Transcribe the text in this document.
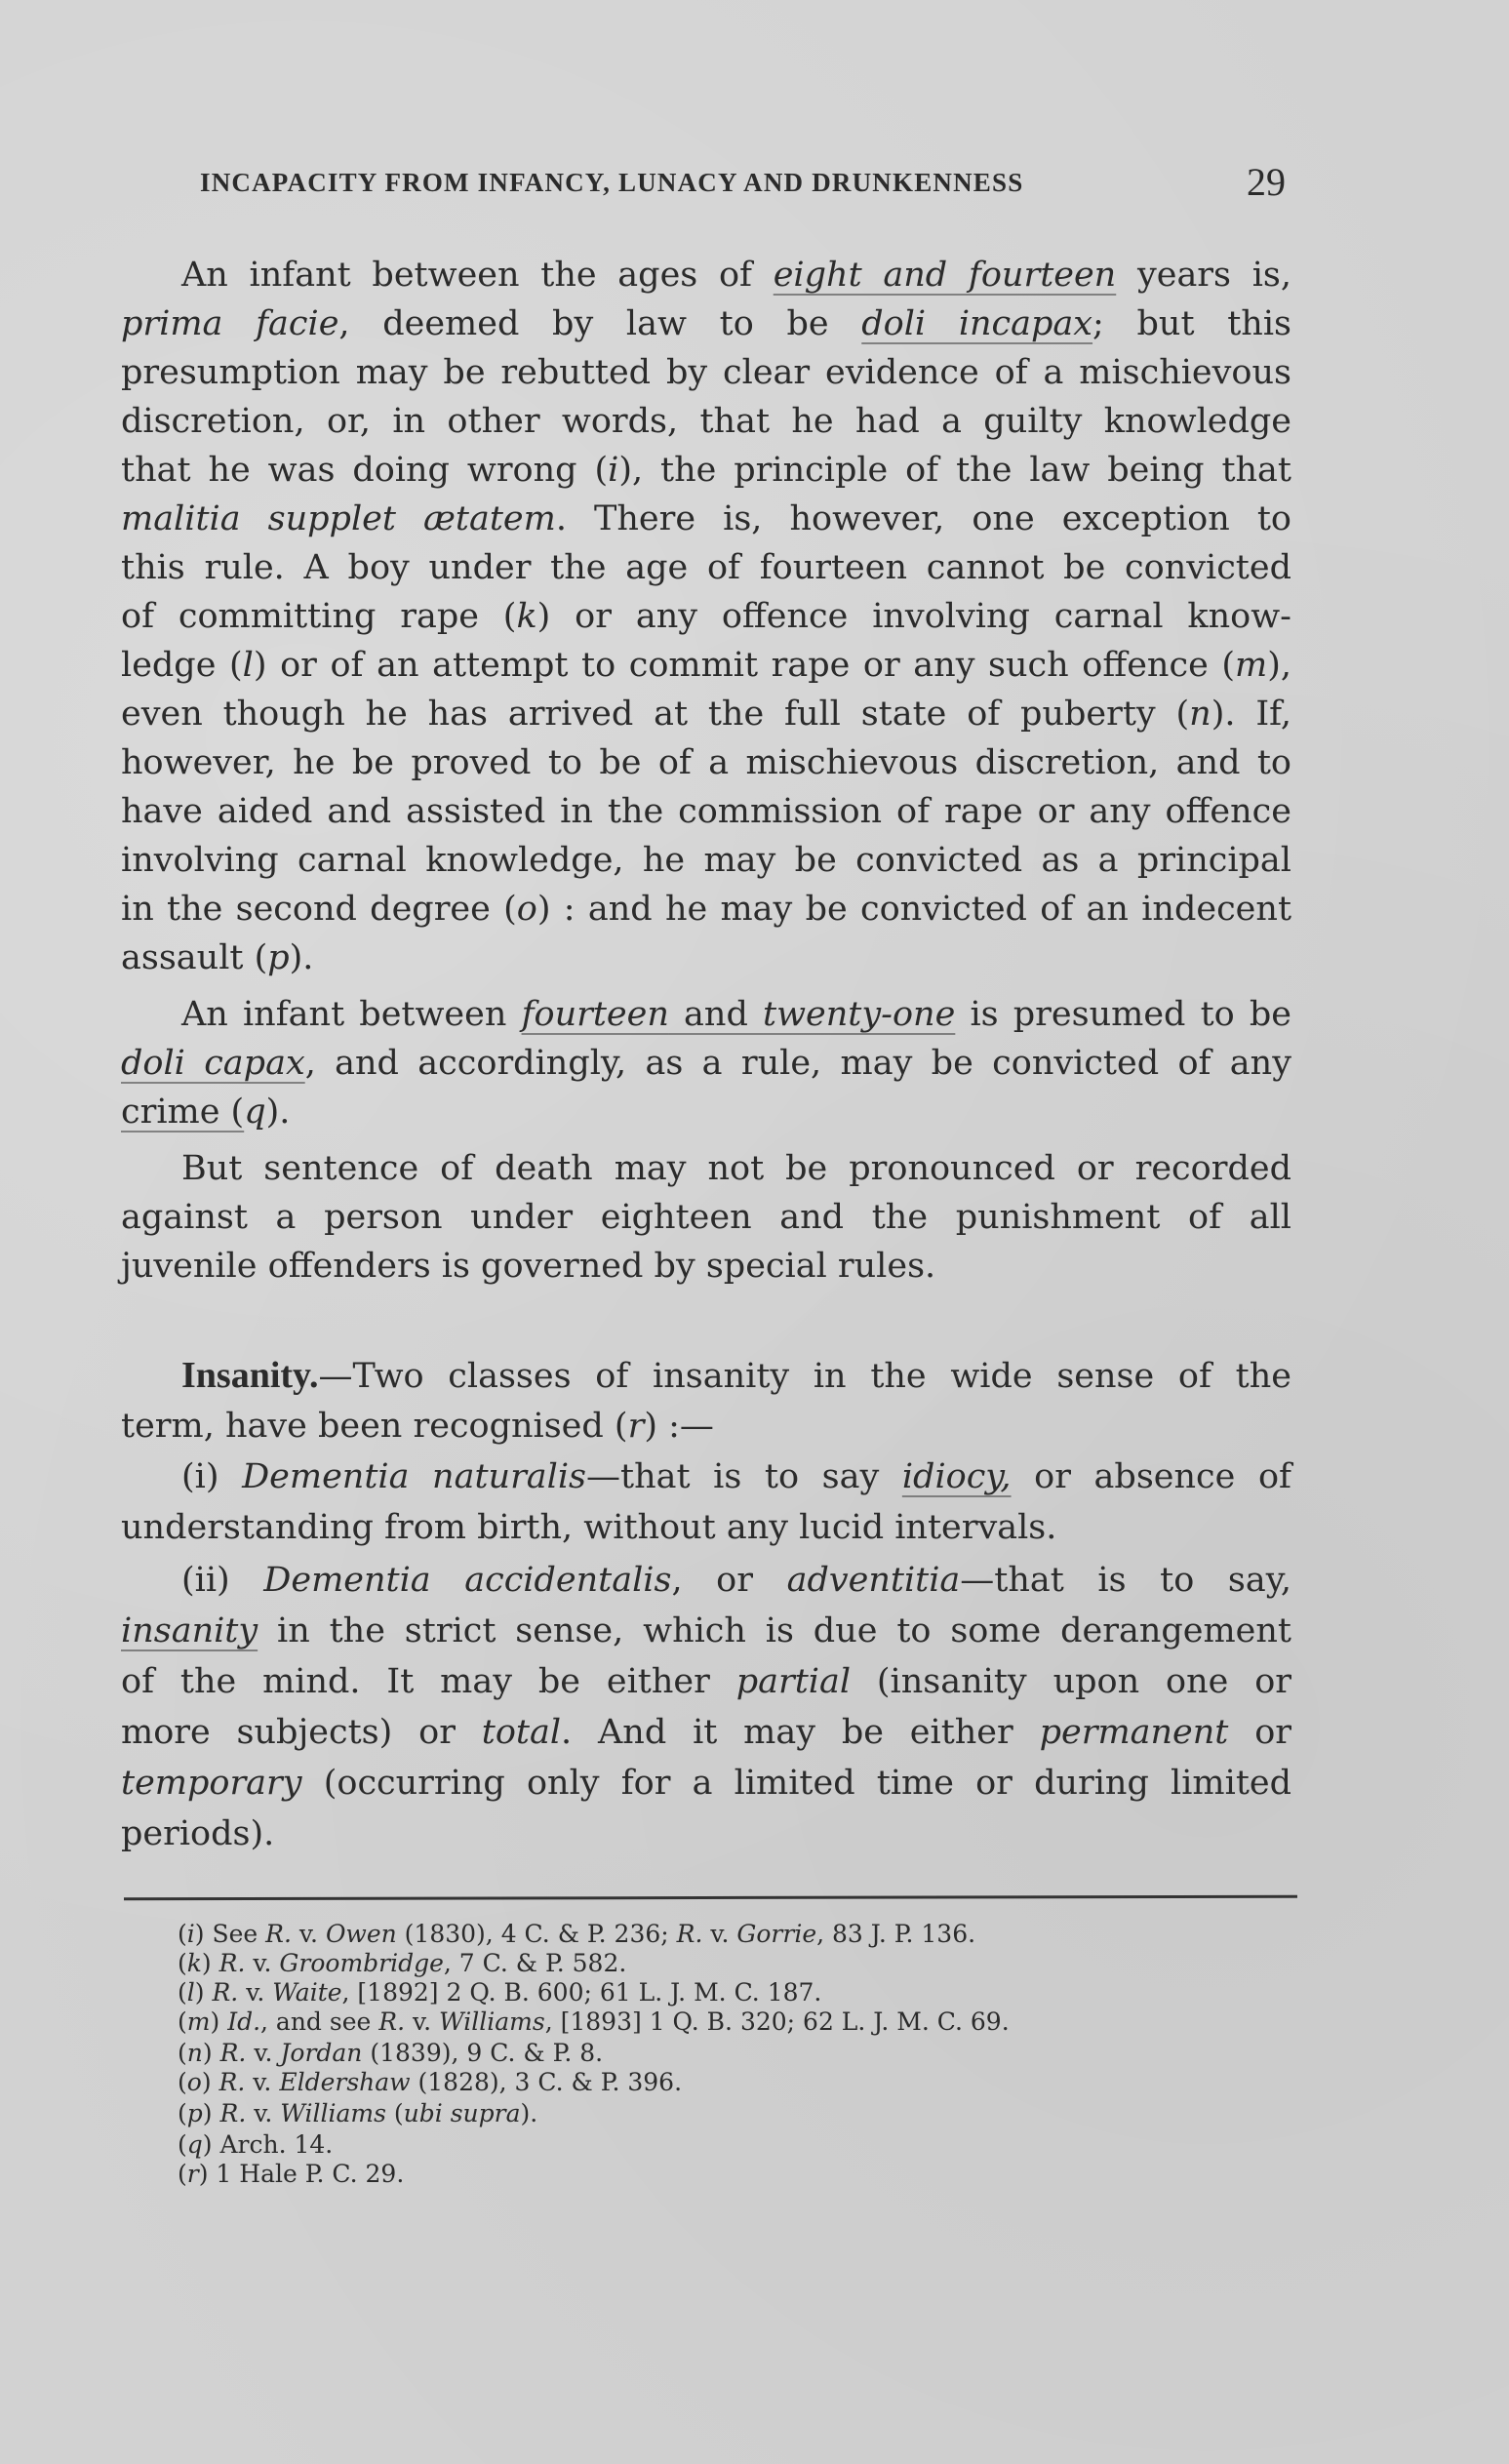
INCAPACITY FROM INFANCY, LUNACY AND DRUNKENNESS	29
An infant between the ages of eight and fourteen years is,
prima facie, deemed by law to be doli incapax; but this
presumption may be rebutted by clear evidence of a mischievous
discretion, or, in other words, that he had a guilty knowledge
that he was doing wrong (i), the principle of the law being that
malitia supplet ætatem. There is, however, one exception to
this rule. A boy under the age of fourteen cannot be convicted
of committing rape (k) or any offence involving carnal know-
ledge (l) or of an attempt to commit rape or any such offence (m),
even though he has arrived at the full state of puberty (n). If,
however, he be proved to be of a mischievous discretion, and to
have aided and assisted in the commission of rape or any offence
involving carnal knowledge, he may be convicted as a principal
in the second degree (o) : and he may be convicted of an indecent
assault (p).
An infant between fourteen and twenty-one is presumed to be
doli capax, and accordingly, as a rule, may be convicted of any
crime (q).
But sentence of death may not be pronounced or recorded
against a person under eighteen and the punishment of all
juvenile offenders is governed by special rules.
Insanity.—Two classes of insanity in the wide sense of the
term, have been recognised (r) :—
(i) Dementia naturalis—that is to say idiocy, or absence of
understanding from birth, without any lucid intervals.
(ii) Dementia accidentalis, or adventitia—that is to say,
insanity in the strict sense, which is due to some derangement
of the mind. It may be either partial (insanity upon one or
more subjects) or total. And it may be either permanent or
temporary (occurring only for a limited time or during limited
periods).
(i) See R. v. Owen (1830), 4 C. & P. 236; R. v. Gorrie, 83 J. P. 136.
(k) R. v. Groombridge, 7 C. & P. 582.
(l) R. v. Waite, [1892] 2 Q. B. 600; 61 L. J. M. C. 187.
(m) Id., and see R. v. Williams, [1893] 1 Q. B. 320; 62 L. J. M. C. 69.
(n) R. v. Jordan (1839), 9 C. & P. 8.
(o) R. v. Eldershaw (1828), 3 C. & P. 396.
(p) R. v. Williams (ubi supra).
(q) Arch. 14.
(r) 1 Hale P. C. 29.
